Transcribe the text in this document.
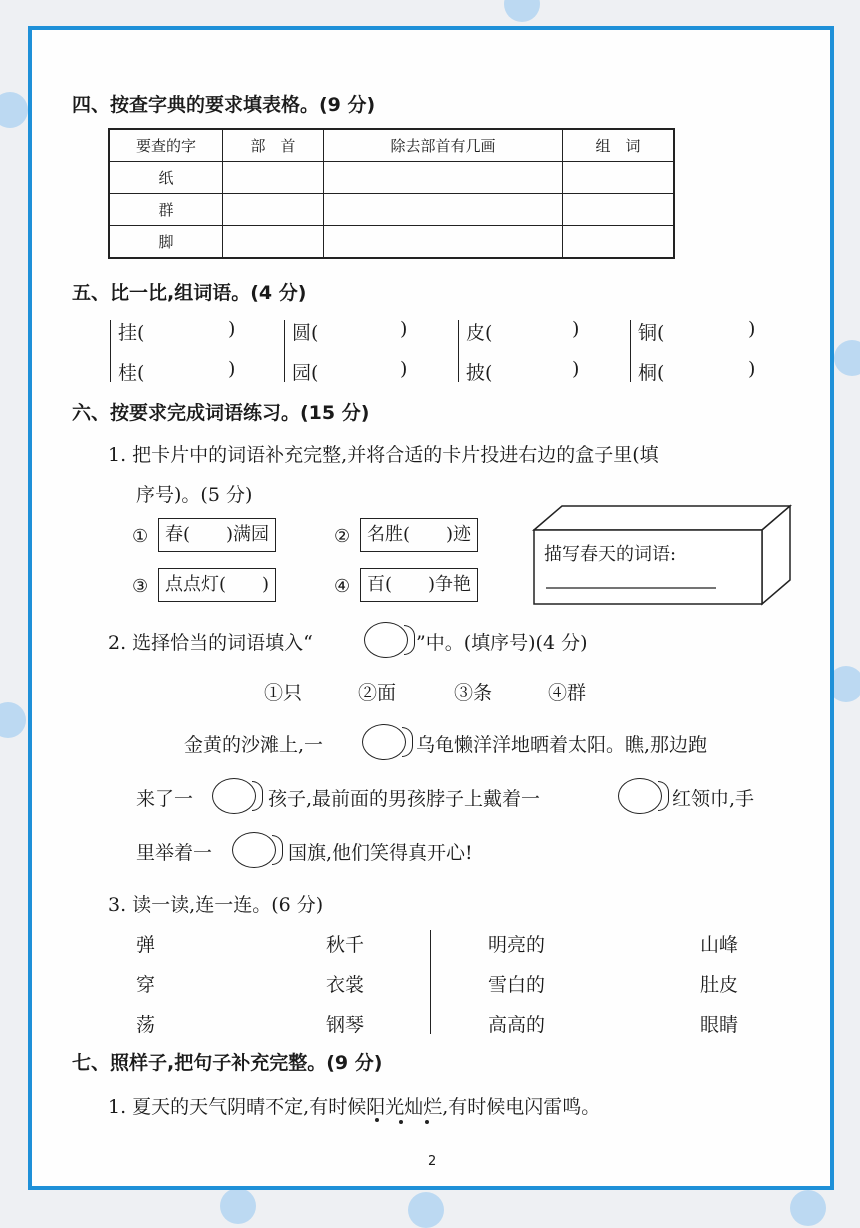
四、按查字典的要求填表格。(9 分)
要查的字	部　首	除去部首有几画	组　词
纸			
群			
脚			
五、比一比,组词语。(4 分)
挂(	)
桂(	)
圆(	)
园(	)
皮(	)
披(	)
铜(	)
桐(	)
六、按要求完成词语练习。(15 分)
1. 把卡片中的词语补充完整,并将合适的卡片投进右边的盒子里(填
序号)。(5 分)
① 春(　　)满园	② 名胜(　　)迹
③ 点点灯(　　)	④ 百(　　)争艳
描写春天的词语:
2. 选择恰当的词语填入“	”中。(填序号)(4 分)
①只	②面	③条	④群
金黄的沙滩上,一	乌龟懒洋洋地晒着太阳。瞧,那边跑
来了一	孩子,最前面的男孩脖子上戴着一	红领巾,手
里举着一	国旗,他们笑得真开心!
3. 读一读,连一连。(6 分)
弹
穿
荡
秋千
衣裳
钢琴
明亮的
雪白的
高高的
山峰
肚皮
眼睛
七、照样子,把句子补充完整。(9 分)
1. 夏天的天气阴晴不定,有时候阳光灿烂,有时候电闪雷鸣。
2
